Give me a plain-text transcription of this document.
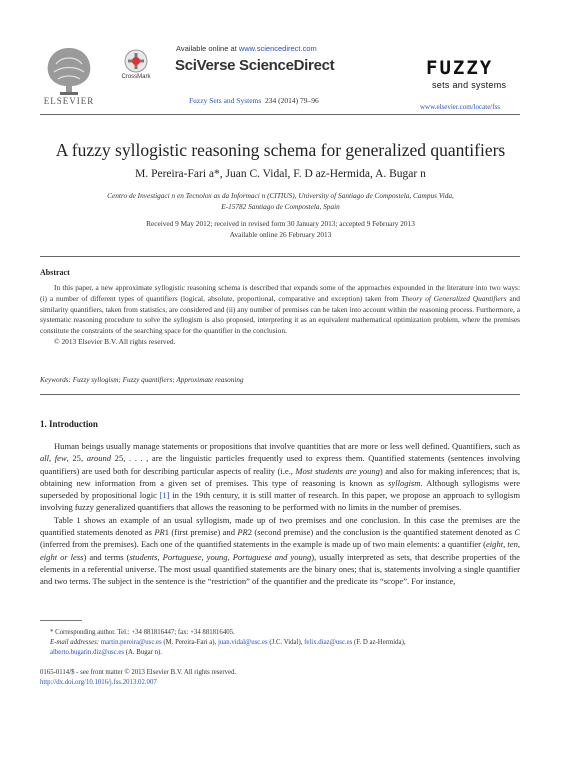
ELSEVIER
CrossMark
Available online at www.sciencedirect.com
SciVerse ScienceDirect
Fuzzy Sets and Systems 234 (2014) 79–96
FUZZY
sets and systems
www.elsevier.com/locate/fss
A fuzzy syllogistic reasoning schema for generalized quantifiers
M. Pereira-Fari a*, Juan C. Vidal, F. D az-Hermida, A. Bugar n
Centro de Investigaci n en Tecnolox as da Informaci n (CITIUS), University of Santiago de Compostela, Campus Vida,
E-15782 Santiago de Compostela, Spain
Received 9 May 2012; received in revised form 30 January 2013; accepted 9 February 2013
Available online 26 February 2013
Abstract

In this paper, a new approximate syllogistic reasoning schema is described that expands some of the approaches expounded in the literature into two ways: (i) a number of different types of quantifiers (logical, absolute, proportional, comparative and exception) taken from Theory of Generalized Quantifiers and similarity quantifiers, taken from statistics, are considered and (ii) any number of premises can be taken into account within the reasoning process. Furthermore, a systematic reasoning procedure to solve the syllogism is also proposed, interpreting it as an equivalent mathematical optimization problem, where the premises constitute the constraints of the searching space for the quantifier in the conclusion.

© 2013 Elsevier B.V. All rights reserved.

Keywords: Fuzzy syllogism; Fuzzy quantifiers; Approximate reasoning
1. Introduction

Human beings usually manage statements or propositions that involve quantities that are more or less well defined. Quantifiers, such as all, few, 25, around 25, . . . , are the linguistic particles frequently used to express them. Quantified statements (sentences involving quantifiers) are used both for describing particular aspects of reality (i.e., Most students are young) and also for making inferences; that is, obtaining new information from a given set of premises. This type of reasoning is known as syllogism. Although syllogisms were superseded by propositional logic [1] in the 19th century, it is still matter of research. In this paper, we propose an approach to syllogism involving fuzzy generalized quantifiers that allows the reasoning to be performed with no limits in the number of premises.

Table 1 shows an example of an usual syllogism, made up of two premises and one conclusion. In this case the premises are the quantified statements denoted as PR1 (first premise) and PR2 (second premise) and the conclusion is the quantified statement denoted as C (inferred from the premises). Each one of the quantified statements in the example is made up of two main elements: a quantifier (eight, ten, eight or less) and terms (students, Portuguese, young, Portuguese and young), usually interpreted as sets, that describe properties of the elements in a referential universe. The most usual quantified statements are the binary ones; that is, statements involving a single quantifier and two terms. The subject in the sentence is the “restriction” of the quantifier and the predicate its “scope”. For instance,

* Corresponding author. Tel.: +34 881816447; fax: +34 881816405.

E-mail addresses: martin.pereira@usc.es (M. Pereira-Fari a), juan.vidal@usc.es (J.C. Vidal), felix.diaz@usc.es (F. D az-Hermida),
alberto.bugarin.diz@usc.es (A. Bugar n).

0165-0114/$ - see front matter © 2013 Elsevier B.V. All rights reserved.
http://dx.doi.org/10.1016/j.fss.2013.02.007
